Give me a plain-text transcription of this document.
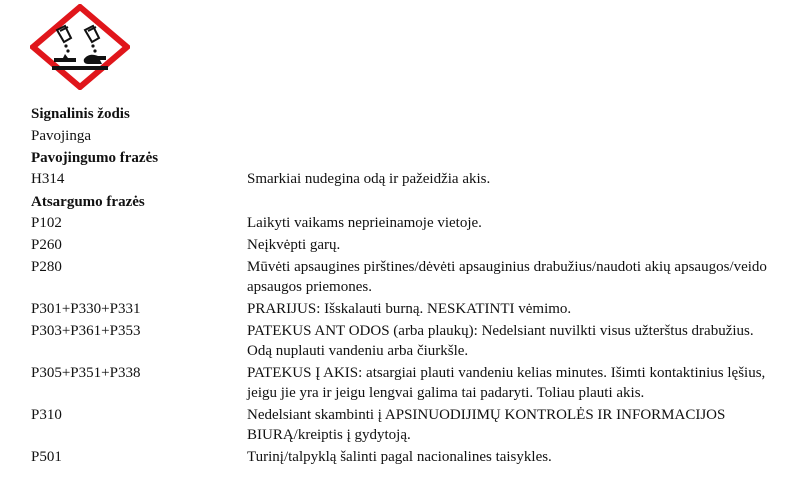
Signalinis žodis
Pavojinga
Pavojingumo frazės
H314	Smarkiai nudegina odą ir pažeidžia akis.
Atsargumo frazės
P102	Laikyti vaikams neprieinamoje vietoje.
P260	Neįkvėpti garų.
P280	Mūvėti apsaugines pirštines/dėvėti apsauginius drabužius/naudoti akių apsaugos/veido apsaugos priemones.
P301+P330+P331	PRARIJUS: Išskalauti burną. NESKATINTI vėmimo.
P303+P361+P353	PATEKUS ANT ODOS (arba plaukų): Nedelsiant nuvilkti visus užterštus drabužius. Odą nuplauti vandeniu arba čiurkšle.
P305+P351+P338	PATEKUS Į AKIS: atsargiai plauti vandeniu kelias minutes. Išimti kontaktinius lęšius, jeigu jie yra ir jeigu lengvai galima tai padaryti. Toliau plauti akis.
P310	Nedelsiant skambinti į APSINUODIJIMŲ KONTROLĖS IR INFORMACIJOS BIURĄ/kreiptis į gydytoją.
P501	Turinį/talpyklą šalinti pagal nacionalines taisykles.
